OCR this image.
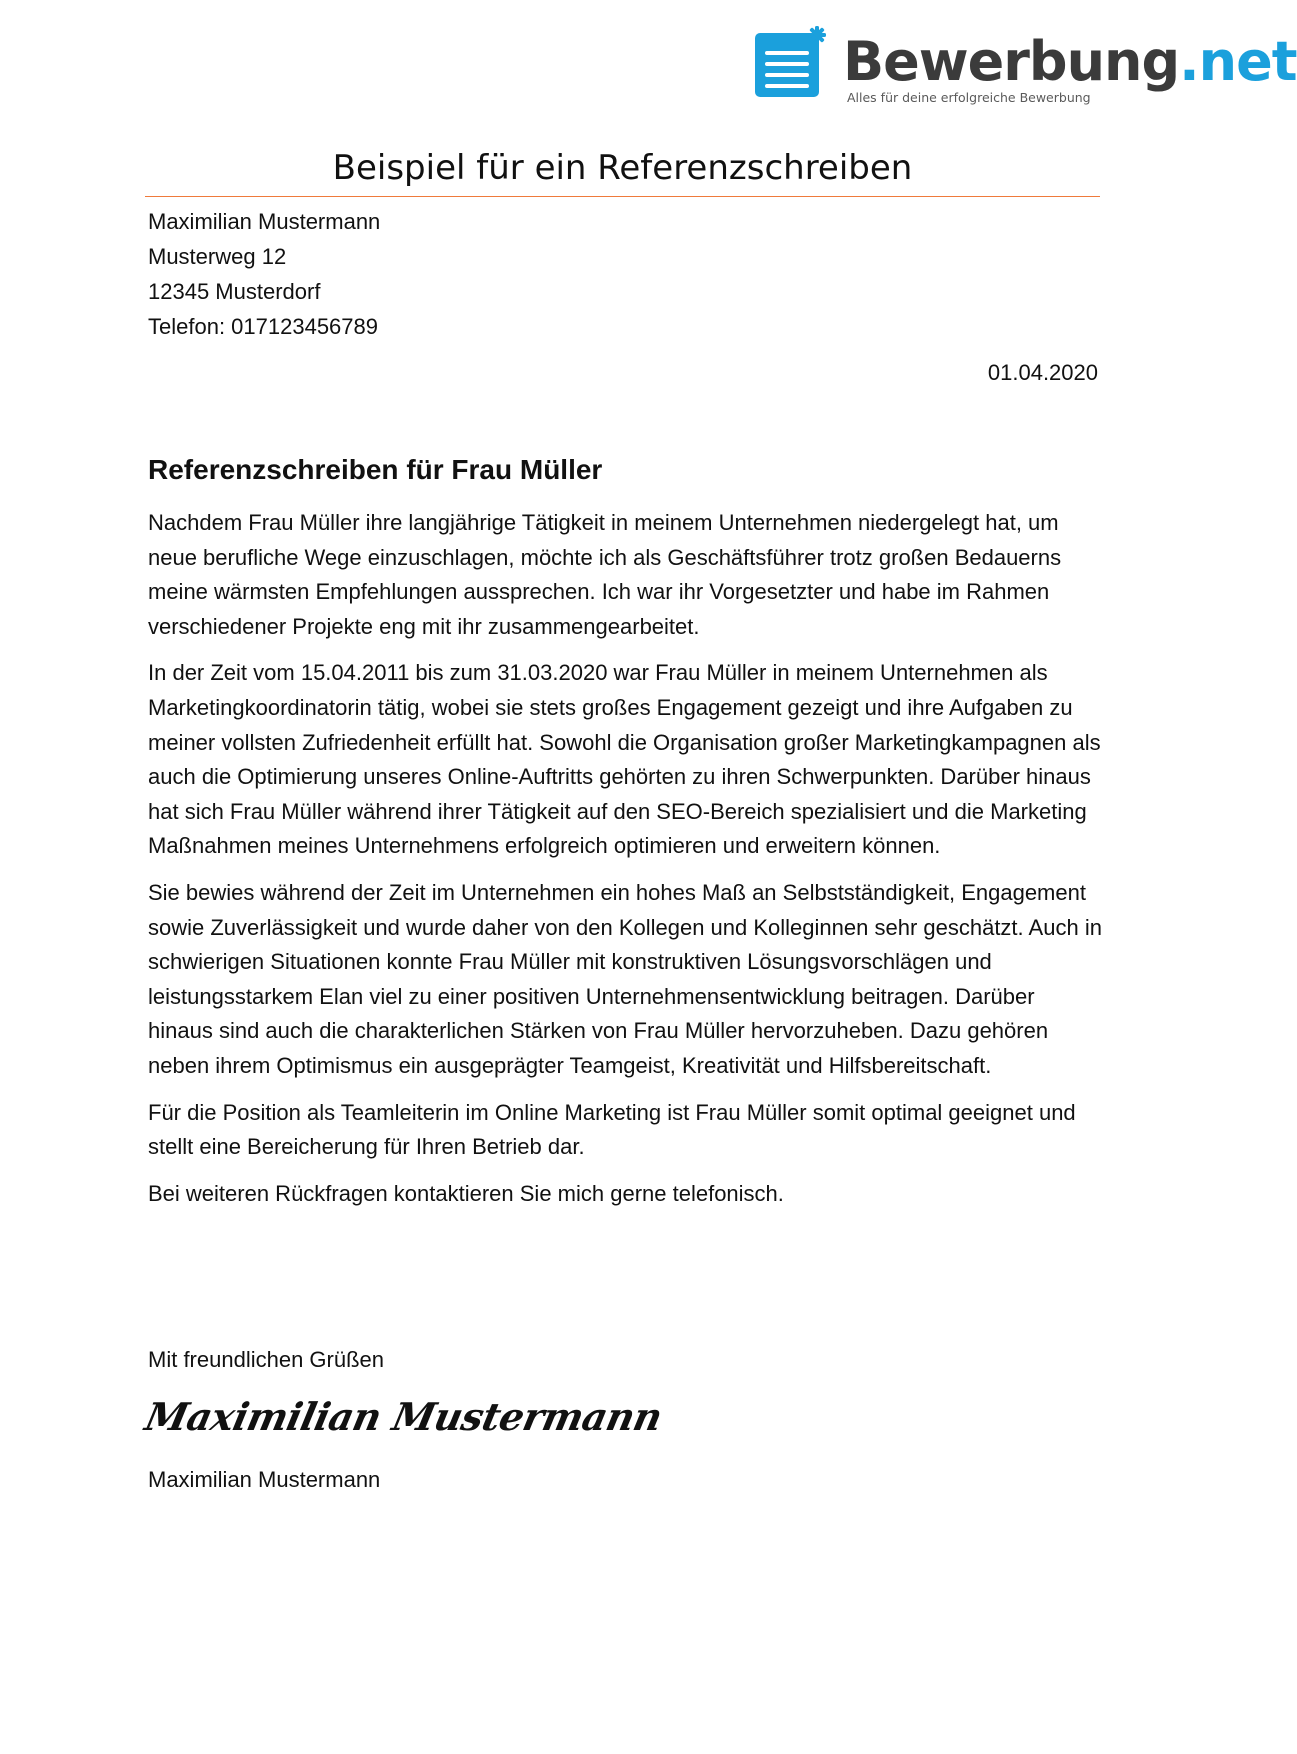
Bewerbung.net
Alles für deine erfolgreiche Bewerbung
Beispiel für ein Referenzschreiben
Maximilian Mustermann
Musterweg 12
12345 Musterdorf
Telefon: 017123456789
01.04.2020
Referenzschreiben für Frau Müller

Nachdem Frau Müller ihre langjährige Tätigkeit in meinem Unternehmen niedergelegt hat, um neue berufliche Wege einzuschlagen, möchte ich als Geschäftsführer trotz großen Bedauerns meine wärmsten Empfehlungen aussprechen. Ich war ihr Vorgesetzter und habe im Rahmen verschiedener Projekte eng mit ihr zusammengearbeitet.

In der Zeit vom 15.04.2011 bis zum 31.03.2020 war Frau Müller in meinem Unternehmen als Marketingkoordinatorin tätig, wobei sie stets großes Engagement gezeigt und ihre Aufgaben zu meiner vollsten Zufriedenheit erfüllt hat. Sowohl die Organisation großer Marketingkampagnen als auch die Optimierung unseres Online-Auftritts gehörten zu ihren Schwerpunkten. Darüber hinaus hat sich Frau Müller während ihrer Tätigkeit auf den SEO-Bereich spezialisiert und die Marketing Maßnahmen meines Unternehmens erfolgreich optimieren und erweitern können.

Sie bewies während der Zeit im Unternehmen ein hohes Maß an Selbstständigkeit, Engagement sowie Zuverlässigkeit und wurde daher von den Kollegen und Kolleginnen sehr geschätzt. Auch in schwierigen Situationen konnte Frau Müller mit konstruktiven Lösungsvorschlägen und leistungsstarkem Elan viel zu einer positiven Unternehmensentwicklung beitragen. Darüber hinaus sind auch die charakterlichen Stärken von Frau Müller hervorzuheben. Dazu gehören neben ihrem Optimismus ein ausgeprägter Teamgeist, Kreativität und Hilfsbereitschaft.

Für die Position als Teamleiterin im Online Marketing ist Frau Müller somit optimal geeignet und stellt eine Bereicherung für Ihren Betrieb dar.

Bei weiteren Rückfragen kontaktieren Sie mich gerne telefonisch.

Mit freundlichen Grüßen
Maximilian Mustermann
Maximilian Mustermann
